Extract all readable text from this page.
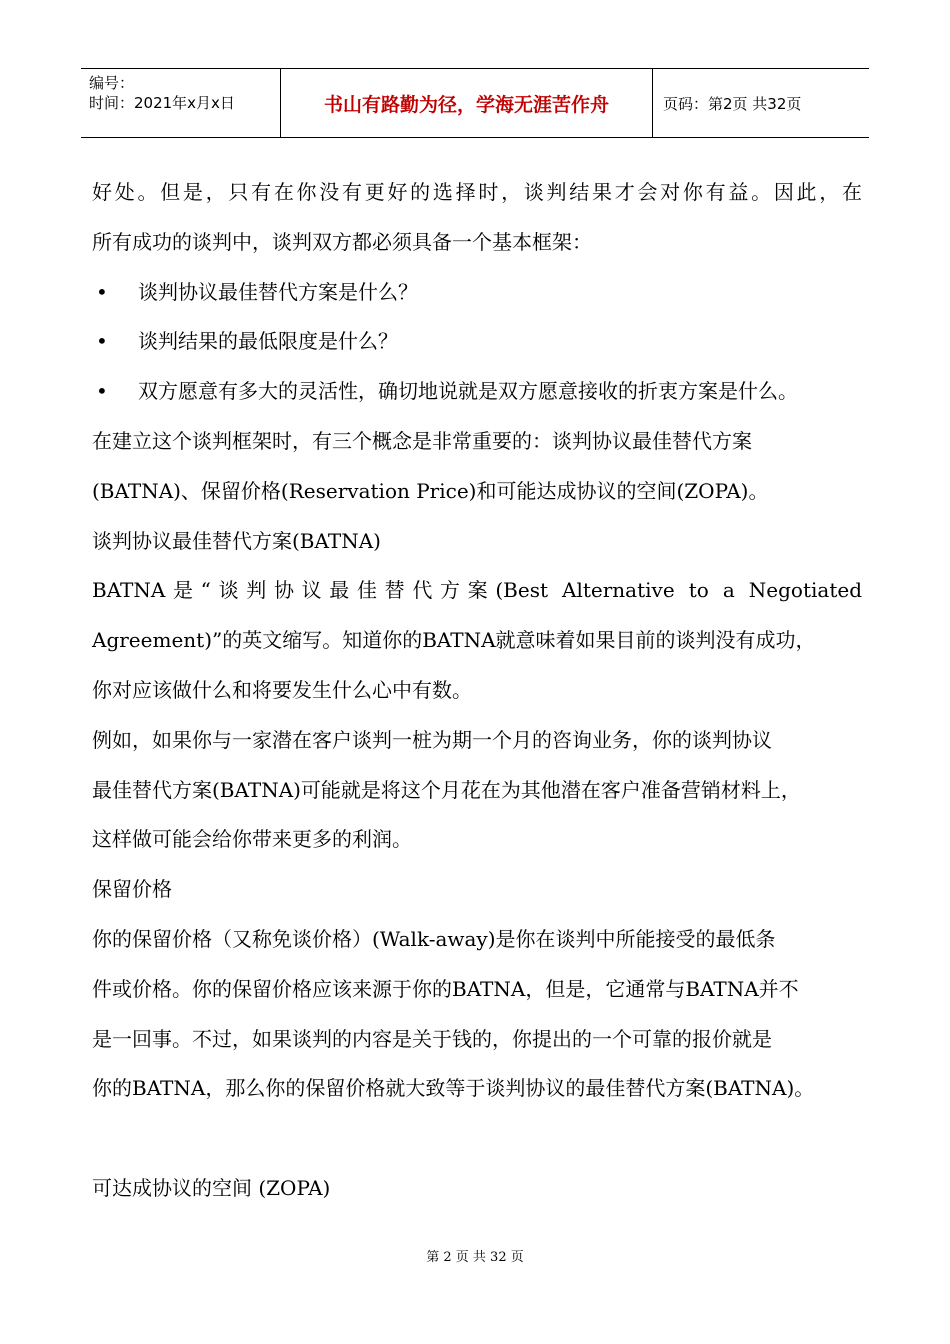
编号：
时间：2021年x月x日	书山有路勤为径，学海无涯苦作舟	页码：第2页 共32页
好处。但是，只有在你没有更好的选择时，谈判结果才会对你有益。因此，在
所有成功的谈判中，谈判双方都必须具备一个基本框架：
• 谈判协议最佳替代方案是什么？
• 谈判结果的最低限度是什么？
• 双方愿意有多大的灵活性，确切地说就是双方愿意接收的折衷方案是什么。
在建立这个谈判框架时，有三个概念是非常重要的：谈判协议最佳替代方案
(BATNA)、保留价格(Reservation Price)和可能达成协议的空间(ZOPA)。
谈判协议最佳替代方案(BATNA)
BATNA是“谈判协议最佳替代方案(Best Alternative to a Negotiated
Agreement)”的英文缩写。知道你的BATNA就意味着如果目前的谈判没有成功，
你对应该做什么和将要发生什么心中有数。
例如，如果你与一家潜在客户谈判一桩为期一个月的咨询业务，你的谈判协议
最佳替代方案(BATNA)可能就是将这个月花在为其他潜在客户准备营销材料上，
这样做可能会给你带来更多的利润。
保留价格
你的保留价格（又称免谈价格）(Walk-away)是你在谈判中所能接受的最低条
件或价格。你的保留价格应该来源于你的BATNA，但是，它通常与BATNA并不
是一回事。不过，如果谈判的内容是关于钱的，你提出的一个可靠的报价就是
你的BATNA，那么你的保留价格就大致等于谈判协议的最佳替代方案(BATNA)。
可达成协议的空间 (ZOPA)
第 2 页 共 32 页
